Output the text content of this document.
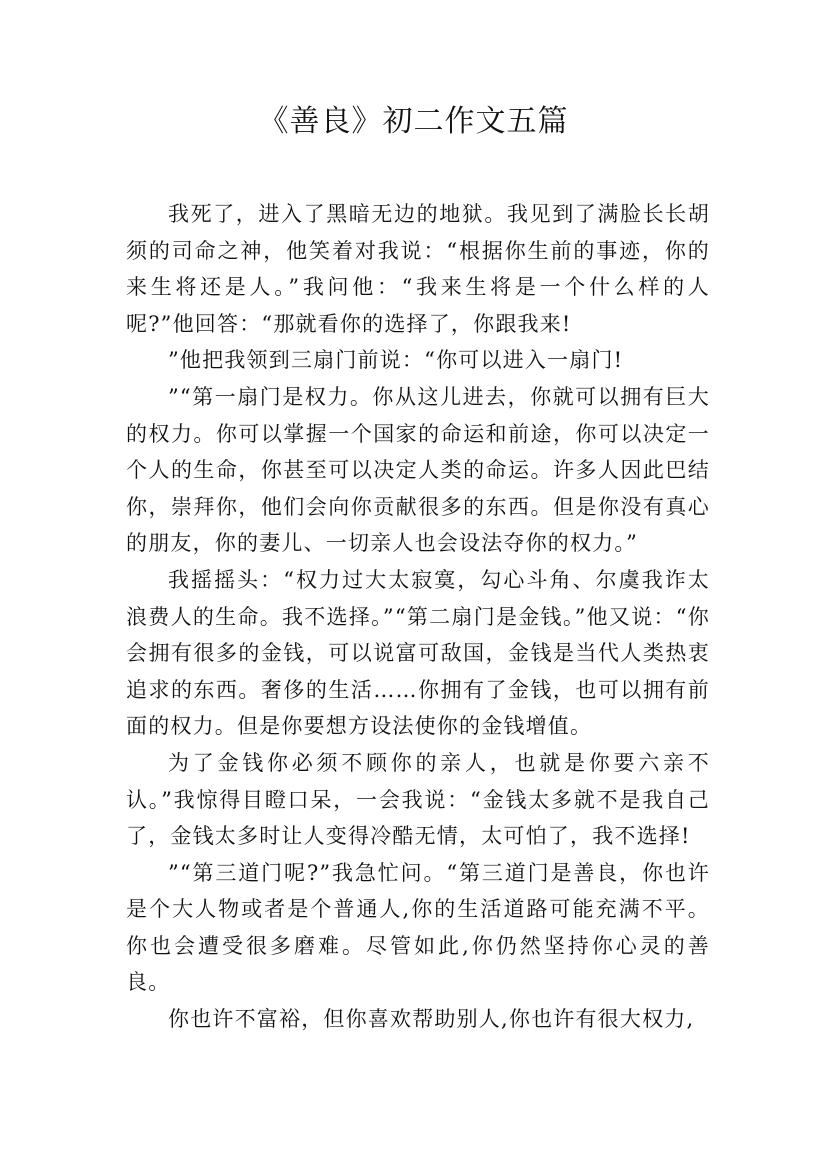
《善良》初二作文五篇

我死了，进入了黑暗无边的地狱。我见到了满脸长长胡须的司命之神，他笑着对我说：“根据你生前的事迹，你的来生将还是人。”我问他：“我来生将是一个什么样的人呢?”他回答：“那就看你的选择了，你跟我来!

”他把我领到三扇门前说：“你可以进入一扇门!

”“第一扇门是权力。你从这儿进去，你就可以拥有巨大的权力。你可以掌握一个国家的命运和前途，你可以决定一个人的生命，你甚至可以决定人类的命运。许多人因此巴结你，崇拜你，他们会向你贡献很多的东西。但是你没有真心的朋友，你的妻儿、一切亲人也会设法夺你的权力。”

我摇摇头：“权力过大太寂寞，勾心斗角、尔虞我诈太浪费人的生命。我不选择。”“第二扇门是金钱。”他又说：“你会拥有很多的金钱，可以说富可敌国，金钱是当代人类热衷追求的东西。奢侈的生活……你拥有了金钱，也可以拥有前面的权力。但是你要想方设法使你的金钱增值。

为了金钱你必须不顾你的亲人，也就是你要六亲不认。”我惊得目瞪口呆，一会我说：“金钱太多就不是我自己了，金钱太多时让人变得冷酷无情，太可怕了，我不选择!

”“第三道门呢?”我急忙问。“第三道门是善良，你也许是个大人物或者是个普通人,你的生活道路可能充满不平。你也会遭受很多磨难。尽管如此,你仍然坚持你心灵的善良。

你也许不富裕，但你喜欢帮助别人,你也许有很大权力,
